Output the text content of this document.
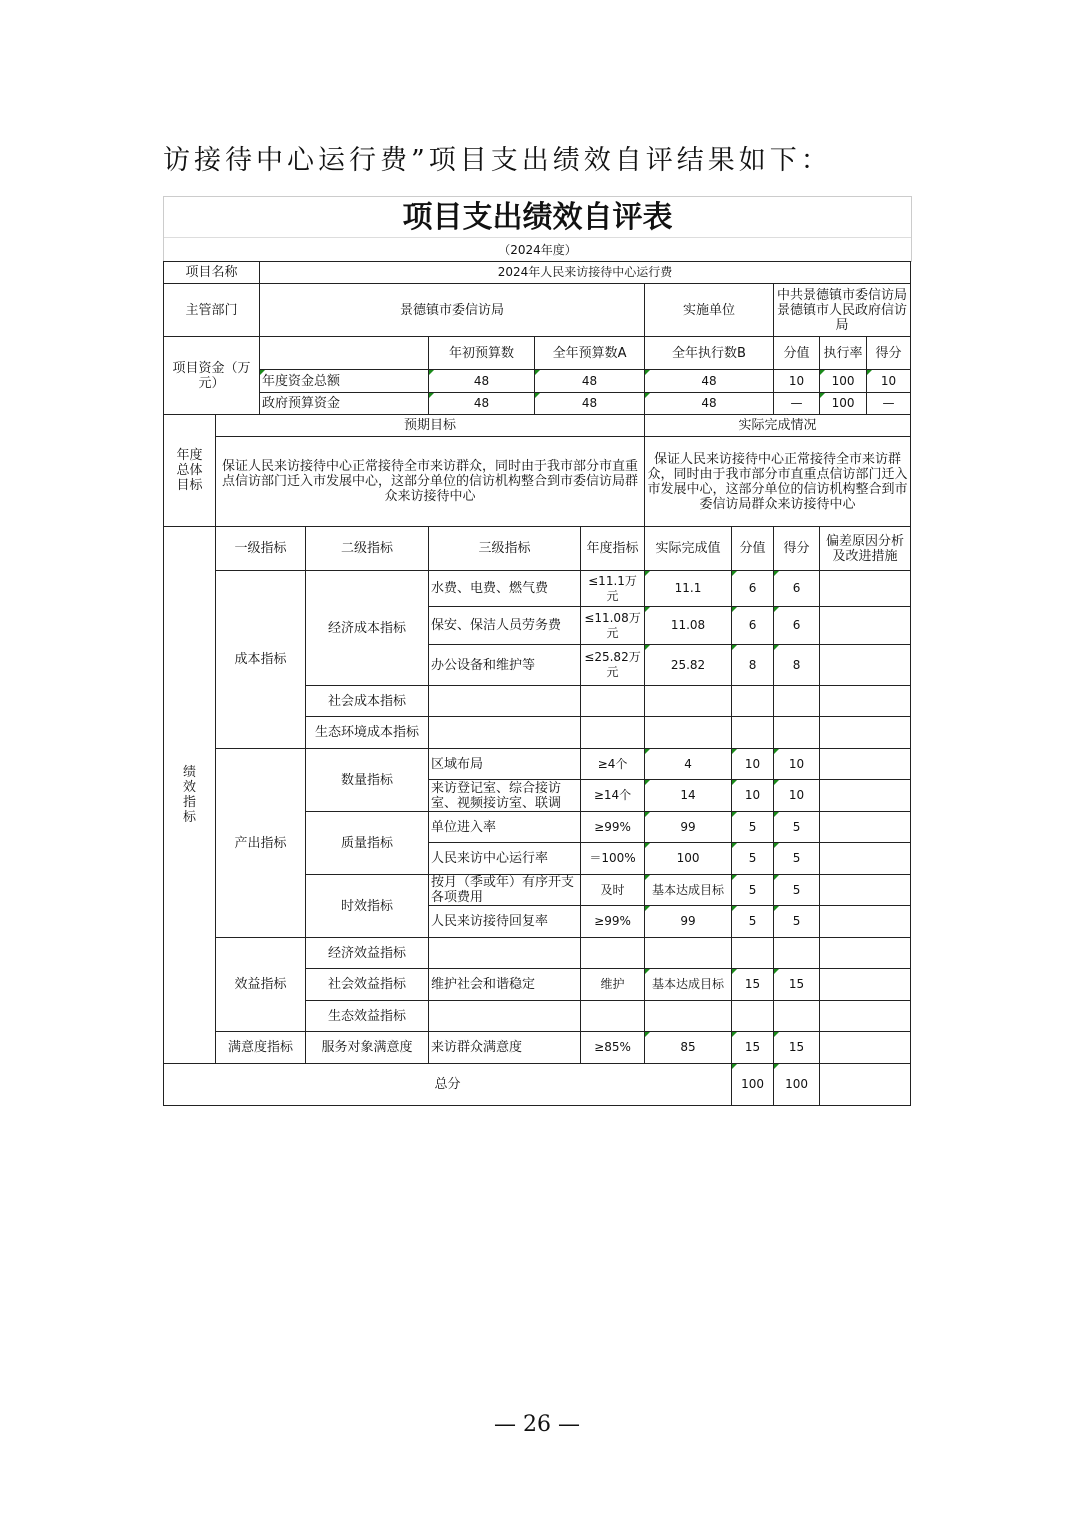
访接待中心运行费”项目支出绩效自评结果如下：
项目支出绩效自评表
（2024年度）
项目名称		2024年人民来访接待中心运行费									
主管部门		景德镇市委信访局					实施单位		中共景德镇市委信访局景德镇市人民政府信访局		
项目资金（万元）				年初预算数	全年预算数A		全年执行数B		分值	执行率	得分
		年度资金总额		48	48		48		10	100	10
		政府预算资金		48	48		48		—	100	—
年度总体目标	预期目标						实际完成情况				
	保证人民来访接待中心正常接待全市来访群众，同时由于我市部分市直重点信访部门迁入市发展中心，这部分单位的信访机构整合到市委信访局群众来访接待中心						保证人民来访接待中心正常接待全市来访群众，同时由于我市部分市直重点信访部门迁入市发展中心，这部分单位的信访机构整合到市委信访局群众来访接待中心				
绩效指标	一级指标		二级指标	三级指标		年度指标	实际完成值	分值	得分	偏差原因分析及改进措施	
	成本指标		经济成本指标	水费、电费、燃气费		≤11.1万元	11.1	6	6		
				保安、保洁人员劳务费		≤11.08万元	11.08	6	6		
				办公设备和维护等		≤25.82万元	25.82	8	8		
			社会成本指标								
			生态环境成本指标								
	产出指标		数量指标	区域布局		≥4个	4	10	10		
				来访登记室、综合接访室、视频接访室、联调		≥14个	14	10	10		
			质量指标	单位进入率		≥99%	99	5	5		
				人民来访中心运行率		＝100%	100	5	5		
			时效指标	按月（季或年）有序开支各项费用		及时	基本达成目标	5	5		
				人民来访接待回复率		≥99%	99	5	5		
	效益指标		经济效益指标								
			社会效益指标	维护社会和谐稳定		维护	基本达成目标	15	15		
			生态效益指标								
	满意度指标		服务对象满意度	来访群众满意度		≥85%	85	15	15		
总分								100	100		
— 26 —
